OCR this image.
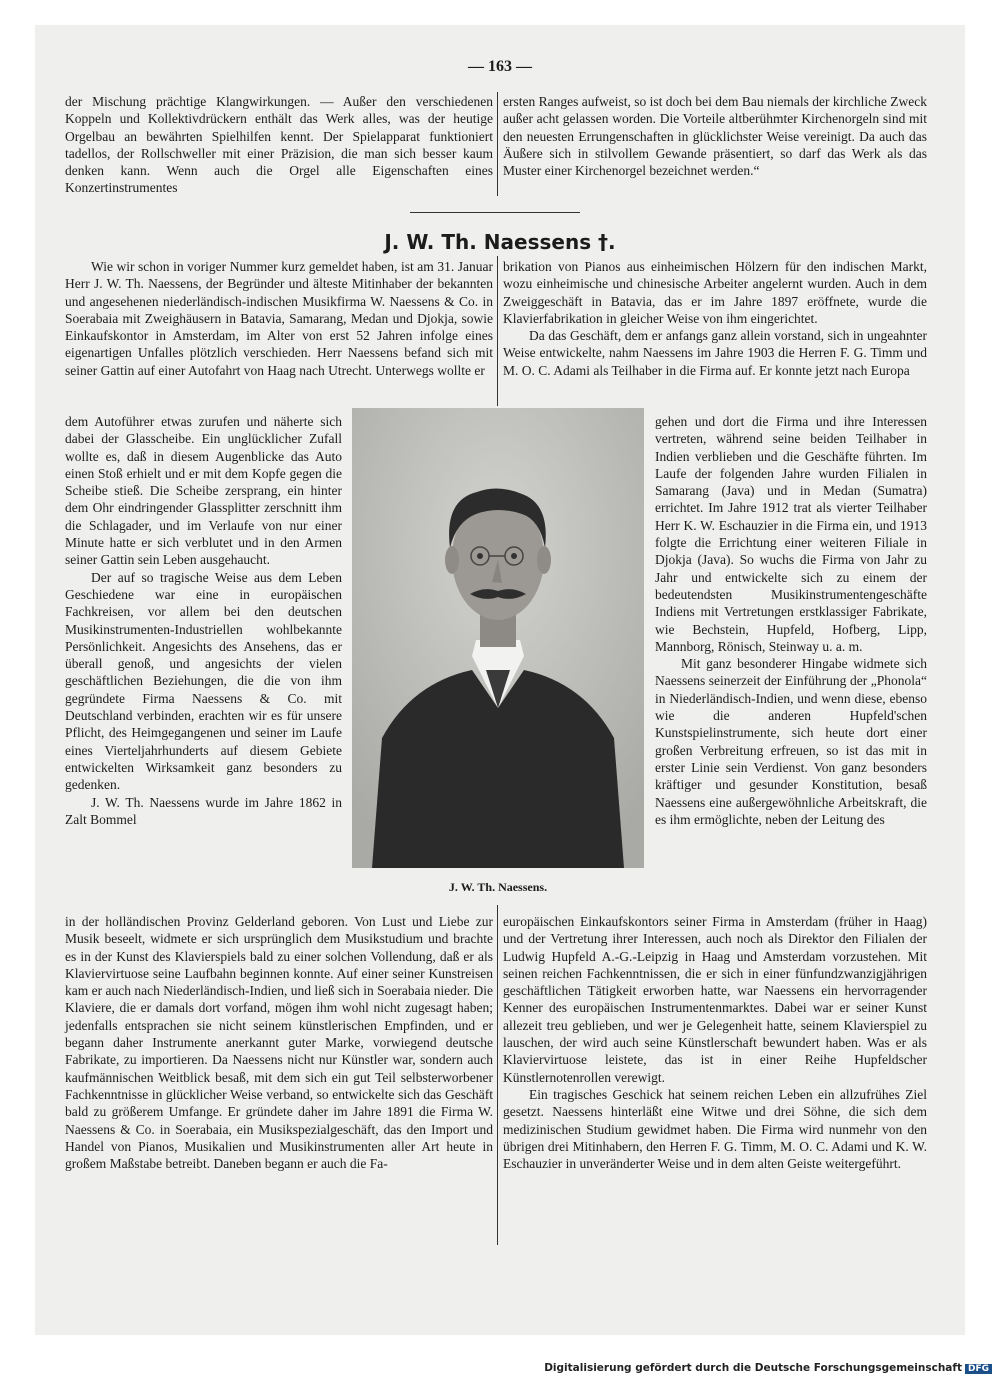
— 163 —

der Mischung prächtige Klangwirkungen. — Außer den verschiedenen Koppeln und Kollektivdrückern enthält das Werk alles, was der heutige Orgelbau an bewährten Spielhilfen kennt. Der Spielapparat funktioniert tadellos, der Rollschweller mit einer Präzision, die man sich besser kaum denken kann. Wenn auch die Orgel alle Eigenschaften eines Konzertinstrumentes

ersten Ranges aufweist, so ist doch bei dem Bau niemals der kirchliche Zweck außer acht gelassen worden. Die Vorteile altberühmter Kirchenorgeln sind mit den neuesten Errungenschaften in glücklichster Weise vereinigt. Da auch das Äußere sich in stilvollem Gewande präsentiert, so darf das Werk als das Muster einer Kirchenorgel bezeichnet werden.“

J. W. Th. Naessens †.

Wie wir schon in voriger Nummer kurz gemeldet haben, ist am 31. Januar Herr J. W. Th. Naessens, der Begründer und älteste Mitinhaber der bekannten und angesehenen niederländisch-indischen Musikfirma W. Naessens & Co. in Soerabaia mit Zweighäusern in Batavia, Samarang, Medan und Djokja, sowie Einkaufskontor in Amsterdam, im Alter von erst 52 Jahren infolge eines eigenartigen Unfalles plötzlich verschieden. Herr Naessens befand sich mit seiner Gattin auf einer Autofahrt von Haag nach Utrecht. Unterwegs wollte er

dem Autoführer etwas zurufen und näherte sich dabei der Glasscheibe. Ein unglücklicher Zufall wollte es, daß in diesem Augenblicke das Auto einen Stoß erhielt und er mit dem Kopfe gegen die Scheibe stieß. Die Scheibe zersprang, ein hinter dem Ohr eindringender Glassplitter zerschnitt ihm die Schlagader, und im Verlaufe von nur einer Minute hatte er sich verblutet und in den Armen seiner Gattin sein Leben ausgehaucht.

Der auf so tragische Weise aus dem Leben Geschiedene war eine in europäischen Fachkreisen, vor allem bei den deutschen Musikinstrumenten-Industriellen wohlbekannte Persönlichkeit. Angesichts des Ansehens, das er überall genoß, und angesichts der vielen geschäftlichen Beziehungen, die die von ihm gegründete Firma Naessens & Co. mit Deutschland verbinden, erachten wir es für unsere Pflicht, des Heimgegangenen und seiner im Laufe eines Vierteljahrhunderts auf diesem Gebiete entwickelten Wirksamkeit ganz besonders zu gedenken.

J. W. Th. Naessens wurde im Jahre 1862 in Zalt Bommel

in der holländischen Provinz Gelderland geboren. Von Lust und Liebe zur Musik beseelt, widmete er sich ursprünglich dem Musikstudium und brachte es in der Kunst des Klavierspiels bald zu einer solchen Vollendung, daß er als Klaviervirtuose seine Laufbahn beginnen konnte. Auf einer seiner Kunstreisen kam er auch nach Niederländisch-Indien, und ließ sich in Soerabaia nieder. Die Klaviere, die er damals dort vorfand, mögen ihm wohl nicht zugesagt haben; jedenfalls entsprachen sie nicht seinem künstlerischen Empfinden, und er begann daher Instrumente anerkannt guter Marke, vorwiegend deutsche Fabrikate, zu importieren. Da Naessens nicht nur Künstler war, sondern auch kaufmännischen Weitblick besaß, mit dem sich ein gut Teil selbsterworbener Fachkenntnisse in glücklicher Weise verband, so entwickelte sich das Geschäft bald zu größerem Umfange. Er gründete daher im Jahre 1891 die Firma W. Naessens & Co. in Soerabaia, ein Musikspezialgeschäft, das den Import und Handel von Pianos, Musikalien und Musikinstrumenten aller Art heute in großem Maßstabe betreibt. Daneben begann er auch die Fa-

brikation von Pianos aus einheimischen Hölzern für den indischen Markt, wozu einheimische und chinesische Arbeiter angelernt wurden. Auch in dem Zweiggeschäft in Batavia, das er im Jahre 1897 eröffnete, wurde die Klavierfabrikation in gleicher Weise von ihm eingerichtet.

Da das Geschäft, dem er anfangs ganz allein vorstand, sich in ungeahnter Weise entwickelte, nahm Naessens im Jahre 1903 die Herren F. G. Timm und M. O. C. Adami als Teilhaber in die Firma auf. Er konnte jetzt nach Europa

gehen und dort die Firma und ihre Interessen vertreten, während seine beiden Teilhaber in Indien verblieben und die Geschäfte führten. Im Laufe der folgenden Jahre wurden Filialen in Samarang (Java) und in Medan (Sumatra) errichtet. Im Jahre 1912 trat als vierter Teilhaber Herr K. W. Eschauzier in die Firma ein, und 1913 folgte die Errichtung einer weiteren Filiale in Djokja (Java). So wuchs die Firma von Jahr zu Jahr und entwickelte sich zu einem der bedeutendsten Musikinstrumentengeschäfte Indiens mit Vertretungen erstklassiger Fabrikate, wie Bechstein, Hupfeld, Hofberg, Lipp, Mannborg, Rönisch, Steinway u. a. m.

Mit ganz besonderer Hingabe widmete sich Naessens seinerzeit der Einführung der „Phonola“ in Niederländisch-Indien, und wenn diese, ebenso wie die anderen Hupfeld'schen Kunstspielinstrumente, sich heute dort einer großen Verbreitung erfreuen, so ist das mit in erster Linie sein Verdienst. Von ganz besonders kräftiger und gesunder Konstitution, besaß Naessens eine außergewöhnliche Arbeitskraft, die es ihm ermöglichte, neben der Leitung des

europäischen Einkaufskontors seiner Firma in Amsterdam (früher in Haag) und der Vertretung ihrer Interessen, auch noch als Direktor den Filialen der Ludwig Hupfeld A.-G.-Leipzig in Haag und Amsterdam vorzustehen. Mit seinen reichen Fachkenntnissen, die er sich in einer fünfundzwanzigjährigen geschäftlichen Tätigkeit erworben hatte, war Naessens ein hervorragender Kenner des europäischen Instrumentenmarktes. Dabei war er seiner Kunst allezeit treu geblieben, und wer je Gelegenheit hatte, seinem Klavierspiel zu lauschen, der wird auch seine Künstlerschaft bewundert haben. Was er als Klaviervirtuose leistete, das ist in einer Reihe Hupfeldscher Künstlernotenrollen verewigt.

Ein tragisches Geschick hat seinem reichen Leben ein allzufrühes Ziel gesetzt. Naessens hinterläßt eine Witwe und drei Söhne, die sich dem medizinischen Studium gewidmet haben. Die Firma wird nunmehr von den übrigen drei Mitinhabern, den Herren F. G. Timm, M. O. C. Adami und K. W. Eschauzier in unveränderter Weise und in dem alten Geiste weitergeführt.

J. W. Th. Naessens.
Digitalisierung gefördert durch die Deutsche Forschungsgemeinschaft DFG
